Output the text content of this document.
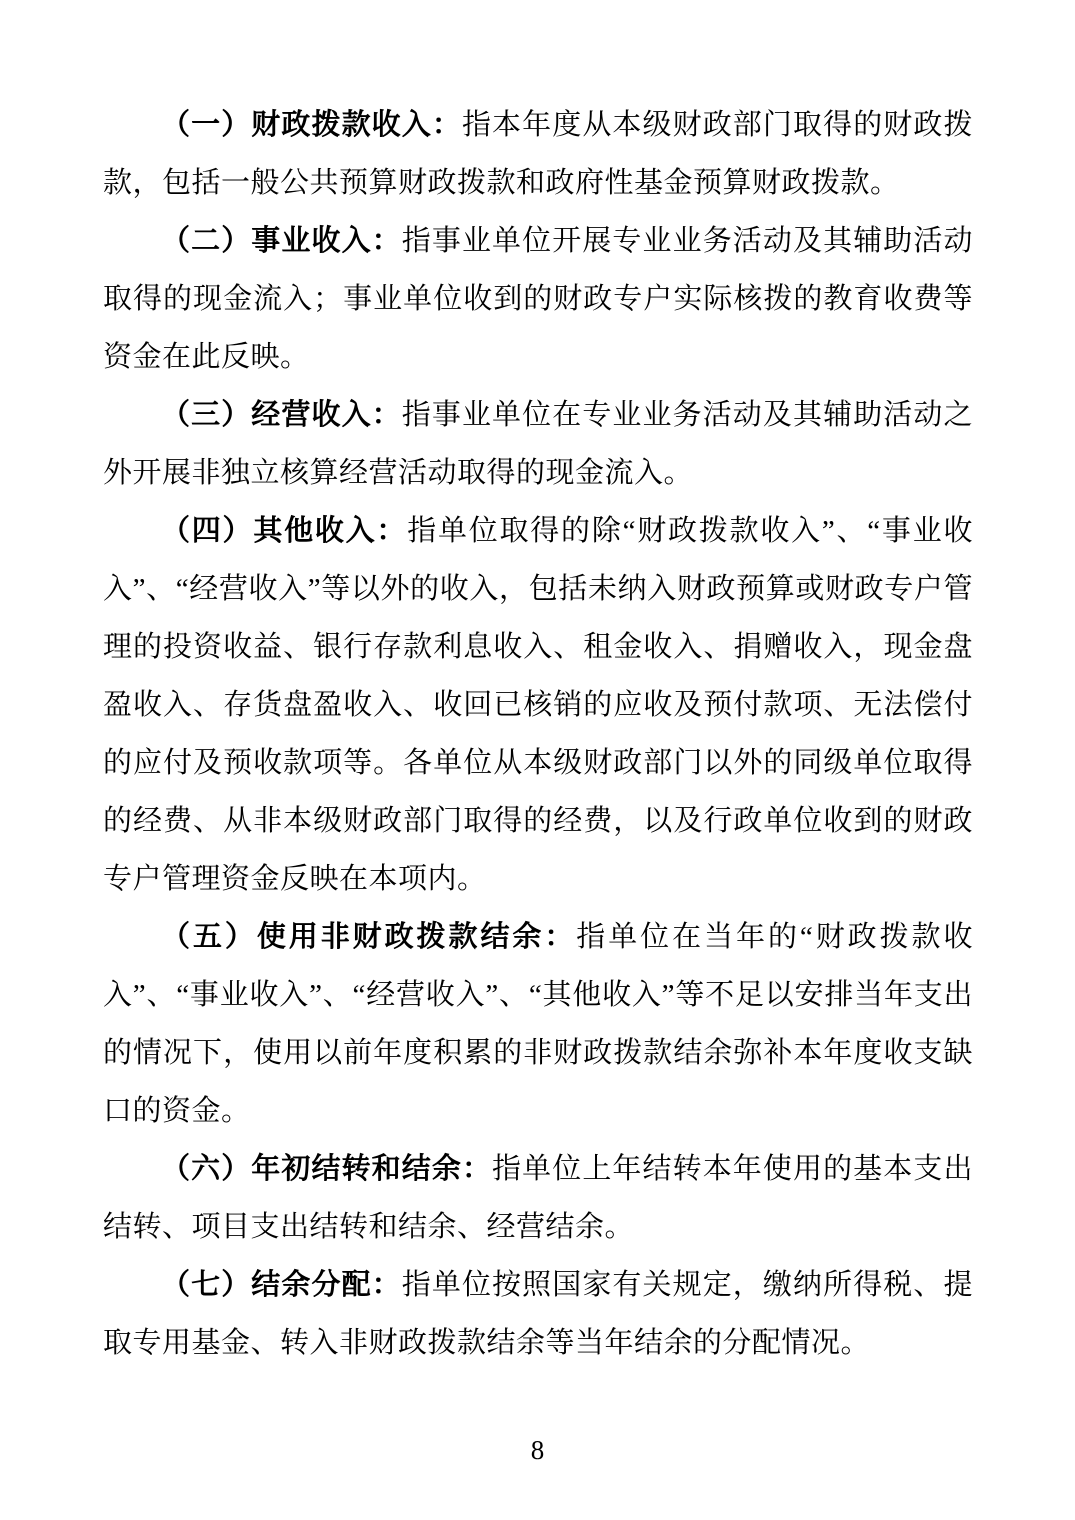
（一）财政拨款收入：指本年度从本级财政部门取得的财政拨款，包括一般公共预算财政拨款和政府性基金预算财政拨款。

（二）事业收入：指事业单位开展专业业务活动及其辅助活动取得的现金流入；事业单位收到的财政专户实际核拨的教育收费等资金在此反映。

（三）经营收入：指事业单位在专业业务活动及其辅助活动之外开展非独立核算经营活动取得的现金流入。

（四）其他收入：指单位取得的除“财政拨款收入”、“事业收入”、“经营收入”等以外的收入，包括未纳入财政预算或财政专户管理的投资收益、银行存款利息收入、租金收入、捐赠收入，现金盘盈收入、存货盘盈收入、收回已核销的应收及预付款项、无法偿付的应付及预收款项等。各单位从本级财政部门以外的同级单位取得的经费、从非本级财政部门取得的经费，以及行政单位收到的财政专户管理资金反映在本项内。

（五）使用非财政拨款结余：指单位在当年的“财政拨款收入”、“事业收入”、“经营收入”、“其他收入”等不足以安排当年支出的情况下，使用以前年度积累的非财政拨款结余弥补本年度收支缺口的资金。

（六）年初结转和结余：指单位上年结转本年使用的基本支出结转、项目支出结转和结余、经营结余。

（七）结余分配：指单位按照国家有关规定，缴纳所得税、提取专用基金、转入非财政拨款结余等当年结余的分配情况。

8
